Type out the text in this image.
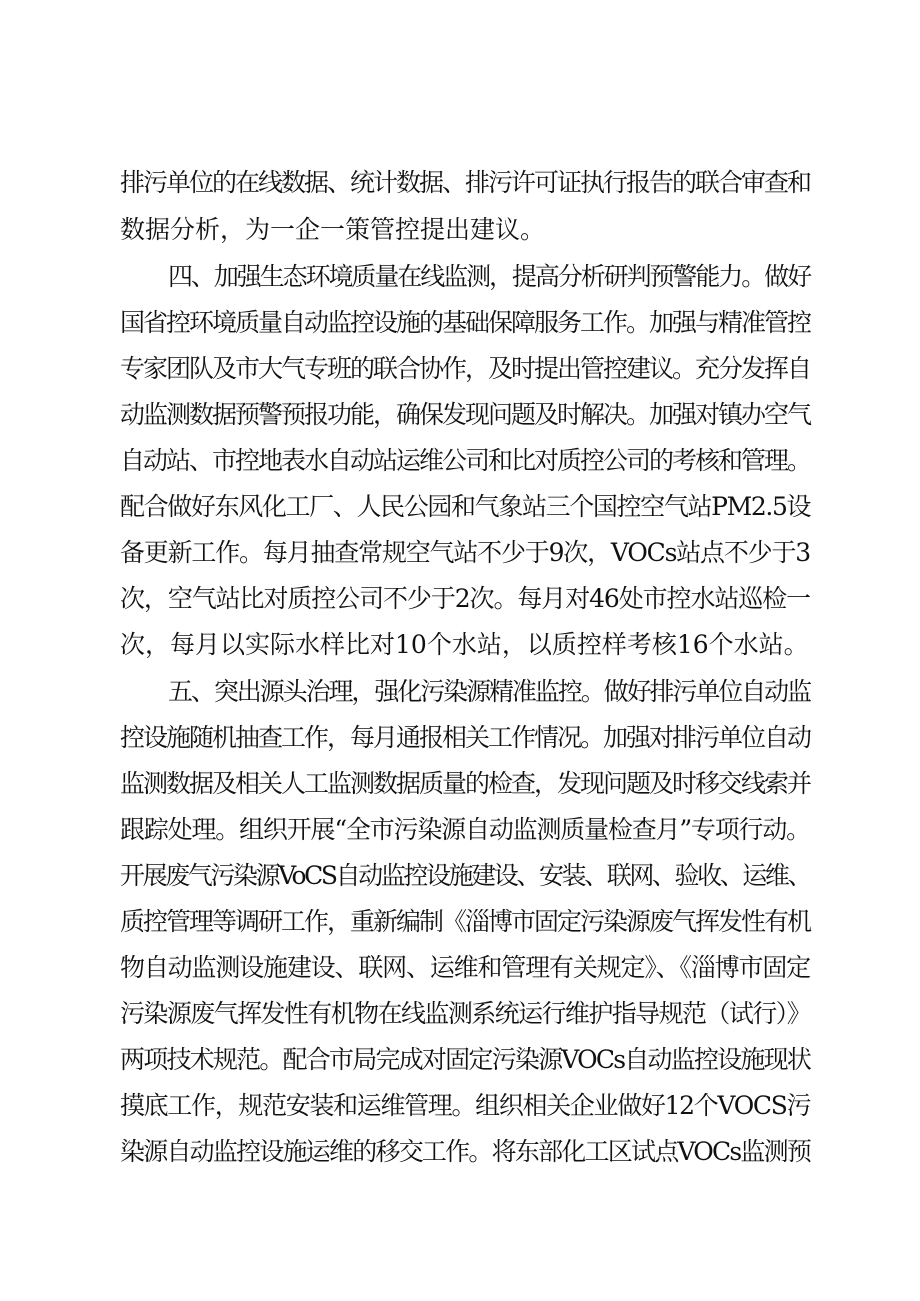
排污单位的在线数据、统计数据、排污许可证执行报告的联合审查和

数据分析，为一企一策管控提出建议。

四、加强生态环境质量在线监测，提高分析研判预警能力。做好

国省控环境质量自动监控设施的基础保障服务工作。加强与精准管控

专家团队及市大气专班的联合协作，及时提出管控建议。充分发挥自

动监测数据预警预报功能，确保发现问题及时解决。加强对镇办空气

自动站、市控地表水自动站运维公司和比对质控公司的考核和管理。

配合做好东风化工厂、人民公园和气象站三个国控空气站PM2.5设

备更新工作。每月抽查常规空气站不少于9次，VOCs站点不少于3

次，空气站比对质控公司不少于2次。每月对46处市控水站巡检一

次，每月以实际水样比对10个水站，以质控样考核16个水站。

五、突出源头治理，强化污染源精准监控。做好排污单位自动监

控设施随机抽查工作，每月通报相关工作情况。加强对排污单位自动

监测数据及相关人工监测数据质量的检查，发现问题及时移交线索并

跟踪处理。组织开展“全市污染源自动监测质量检查月”专项行动。

开展废气污染源VoCS自动监控设施建设、安装、联网、验收、运维、

质控管理等调研工作，重新编制《淄博市固定污染源废气挥发性有机

物自动监测设施建设、联网、运维和管理有关规定》、《淄博市固定

污染源废气挥发性有机物在线监测系统运行维护指导规范（试行）》

两项技术规范。配合市局完成对固定污染源VOCs自动监控设施现状

摸底工作，规范安装和运维管理。组织相关企业做好12个VOCS污

染源自动监控设施运维的移交工作。将东部化工区试点VOCs监测预
